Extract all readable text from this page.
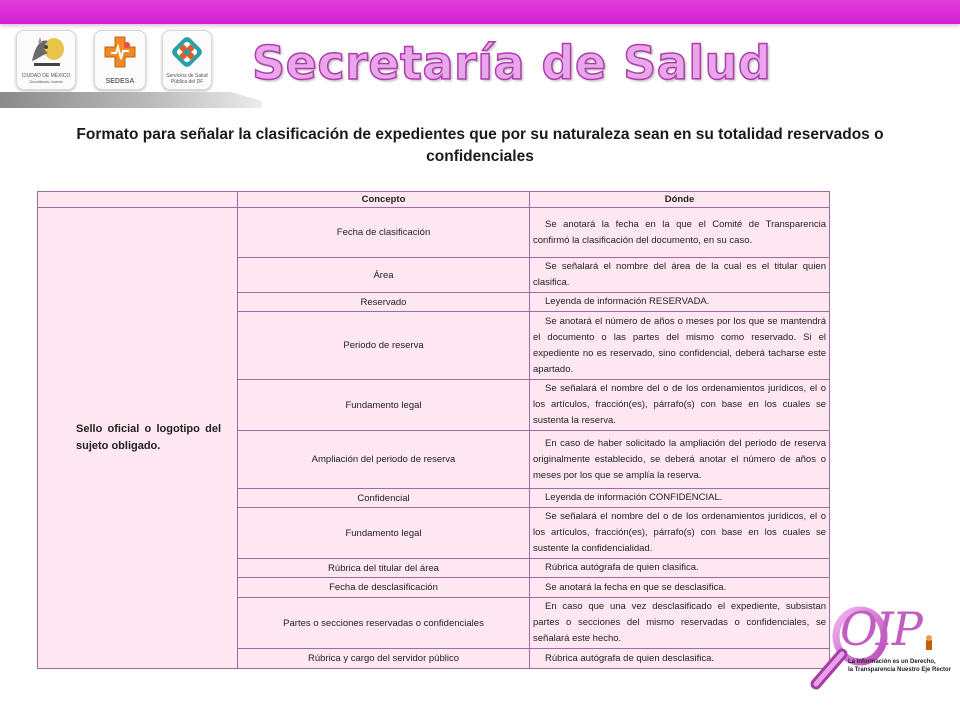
CIUDAD DE MÉXICO
Decidiendo Juntos	SEDESA
Servicios de Salud Pública del DF Secretaría de Salud
Formato para señalar la clasificación de expedientes que por su naturaleza sean en su totalidad reservados o confidenciales
	Concepto	Dónde
Sello oficial o logotipo del sujeto obligado.	Fecha de clasificación	Se anotará la fecha en la que el Comité de Transparencia confirmó la clasificación del documento, en su caso.
	Área	Se señalará el nombre del área de la cual es el titular quien clasifica.
	Reservado	Leyenda de información RESERVADA.
	Periodo de reserva	Se anotará el número de años o meses por los que se mantendrá el documento o las partes del mismo como reservado. Si el expediente no es reservado, sino confidencial, deberá tacharse este apartado.
	Fundamento legal	Se señalará el nombre del o de los ordenamientos jurídicos, el o los artículos, fracción(es), párrafo(s) con base en los cuales se sustenta la reserva.
	Ampliación del periodo de reserva	En caso de haber solicitado la ampliación del periodo de reserva originalmente establecido, se deberá anotar el número de años o meses por los que se amplía la reserva.
	Confidencial	Leyenda de información CONFIDENCIAL.
	Fundamento legal	Se señalará el nombre del o de los ordenamientos jurídicos, el o los artículos, fracción(es), párrafo(s) con base en los cuales se sustente la confidencialidad.
	Rúbrica del titular del área	Rúbrica autógrafa de quien clasifica.
	Fecha de desclasificación	Se anotará la fecha en que se desclasifica.
	Partes o secciones reservadas o confidenciales	En caso que una vez desclasificado el expediente, subsistan partes o secciones del mismo reservadas o confidenciales, se señalará este hecho.
	Rúbrica y cargo del servidor público	Rúbrica autógrafa de quien desclasifica.
OIP
La Información es un Derecho,
la Transparencia Nuestro Eje Rector
